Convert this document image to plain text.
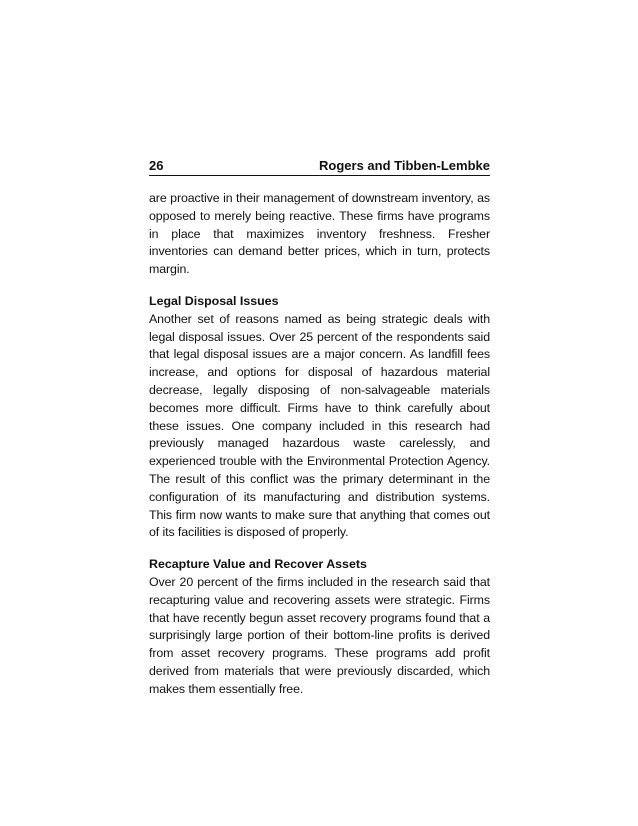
26	Rogers and Tibben-Lembke

are proactive in their management of downstream inventory, as opposed to merely being reactive. These firms have programs in place that maximizes inventory freshness. Fresher inventories can demand better prices, which in turn, protects margin.

Legal Disposal Issues

Another set of reasons named as being strategic deals with legal disposal issues. Over 25 percent of the respondents said that legal disposal issues are a major concern. As landfill fees increase, and options for disposal of hazardous material decrease, legally disposing of non-salvageable materials becomes more difficult. Firms have to think carefully about these issues. One company included in this research had previously managed hazardous waste carelessly, and experienced trouble with the Environmental Protection Agency. The result of this conflict was the primary determinant in the configuration of its manufacturing and distribution systems. This firm now wants to make sure that anything that comes out of its facilities is disposed of properly.

Recapture Value and Recover Assets

Over 20 percent of the firms included in the research said that recapturing value and recovering assets were strategic. Firms that have recently begun asset recovery programs found that a surprisingly large portion of their bottom-line profits is derived from asset recovery programs. These programs add profit derived from materials that were previously discarded, which makes them essentially free.
